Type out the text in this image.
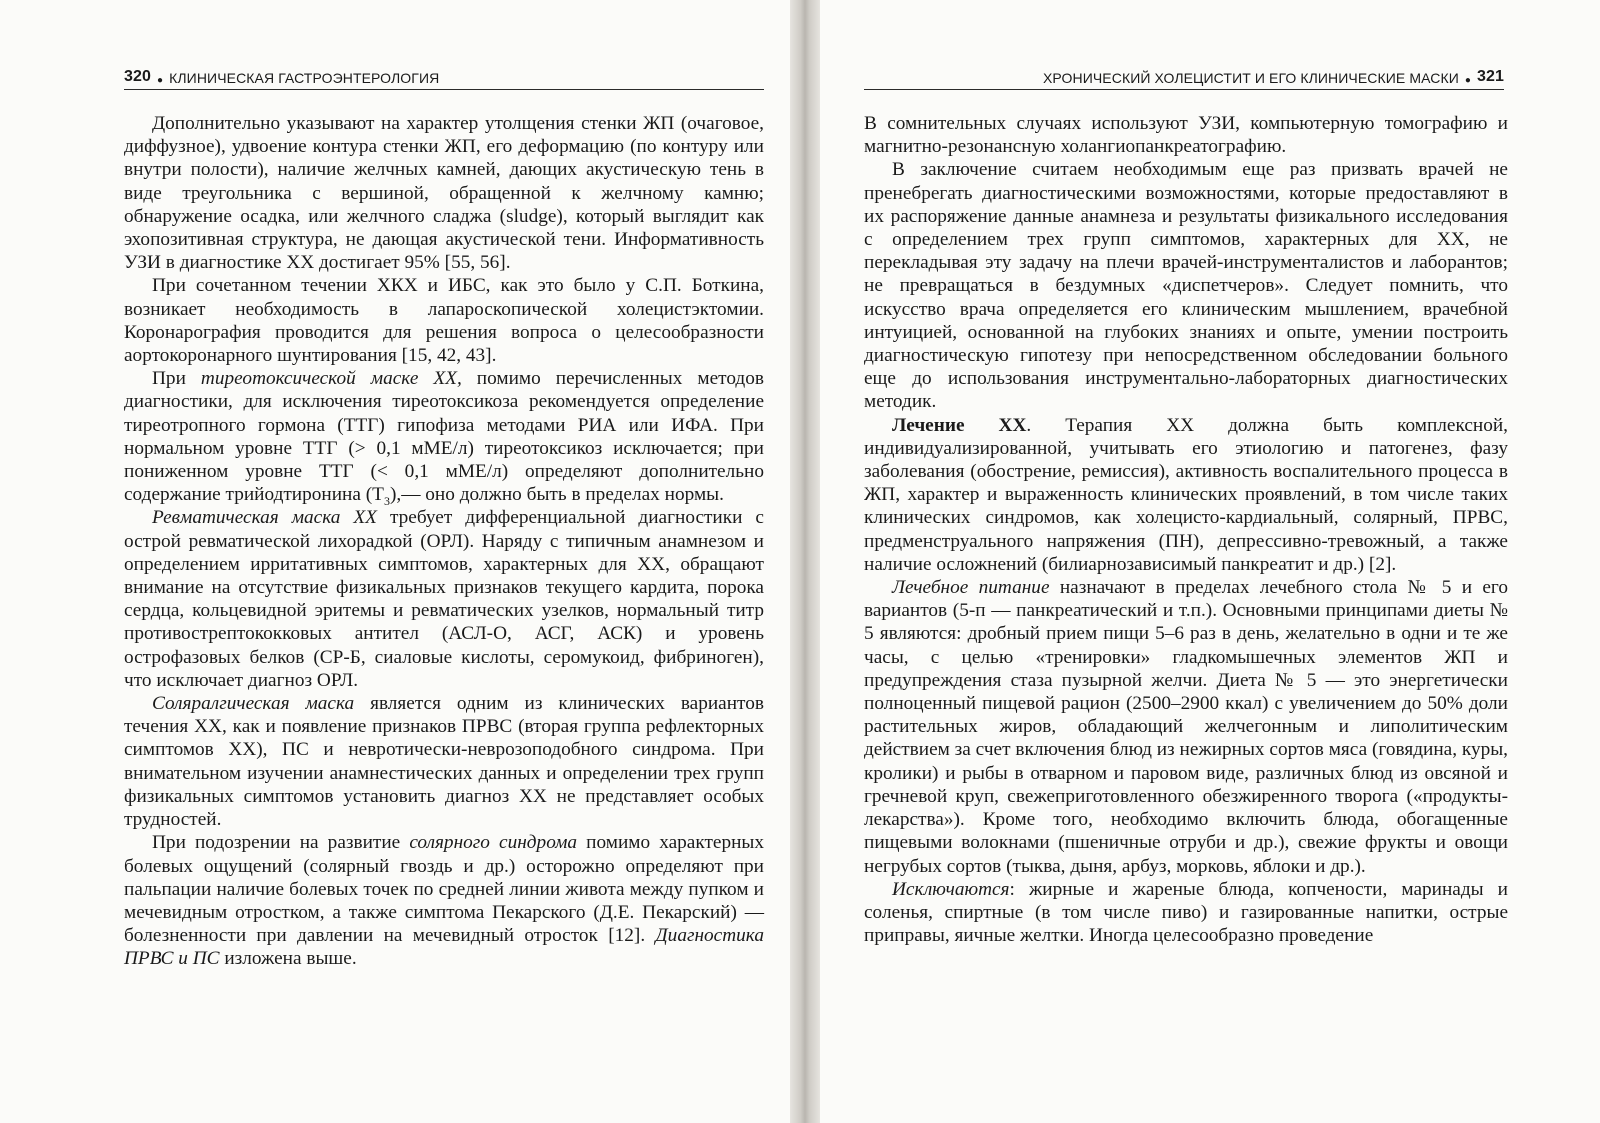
320 ● КЛИНИЧЕСКАЯ ГАСТРОЭНТЕРОЛОГИЯ

Дополнительно указывают на характер утолщения стенки ЖП (очаговое, диффузное), удвоение контура стенки ЖП, его деформацию (по контуру или внутри полости), наличие желчных камней, дающих акустическую тень в виде треугольника с вершиной, обращенной к желчному камню; обнаружение осадка, или желчного сладжа (sludge), который выглядит как эхопозитивная структура, не дающая акустической тени. Информативность УЗИ в диагностике ХХ достигает 95% [55, 56].

При сочетанном течении ХКХ и ИБС, как это было у С.П. Боткина, возникает необходимость в лапароскопической холецистэктомии. Коронарография проводится для решения вопроса о целесообразности аортокоронарного шунтирования [15, 42, 43].

При тиреотоксической маске ХХ, помимо перечисленных методов диагностики, для исключения тиреотоксикоза рекомендуется определение тиреотропного гормона (ТТГ) гипофиза методами РИА или ИФА. При нормальном уровне ТТГ (> 0,1 мМЕ/л) тиреотоксикоз исключается; при пониженном уровне ТТГ (< 0,1 мМЕ/л) определяют дополнительно содержание трийодтиронина $(Т_3),—$ оно должно быть в пределах нормы.

Ревматическая маска ХХ требует дифференциальной диагностики с острой ревматической лихорадкой (ОРЛ). Наряду с типичным анамнезом и определением ирритативных симптомов, характерных для ХХ, обращают внимание на отсутствие физикальных признаков текущего кардита, порока сердца, кольцевидной эритемы и ревматических узелков, нормальный титр противострептококковых антител (АСЛ-О, АСГ, АСК) и уровень острофазовых белков (СР-Б, сиаловые кислоты, серомукоид, фибриноген), что исключает диагноз ОРЛ.

Соляралгическая маска является одним из клинических вариантов течения ХХ, как и появление признаков ПРВС (вторая группа рефлекторных симптомов ХХ), ПС и невротически-неврозоподобного синдрома. При внимательном изучении анамнестических данных и определении трех групп физикальных симптомов установить диагноз ХХ не представляет особых трудностей.

При подозрении на развитие солярного синдрома помимо характерных болевых ощущений (солярный гвоздь и др.) осторожно определяют при пальпации наличие болевых точек по средней линии живота между пупком и мечевидным отростком, а также симптома Пекарского (Д.Е. Пекарский) — болезненности при давлении на мечевидный отросток [12]. Диагностика ПРВС и ПС изложена выше.

ХРОНИЧЕСКИЙ ХОЛЕЦИСТИТ И ЕГО КЛИНИЧЕСКИЕ МАСКИ ● 321

В сомнительных случаях используют УЗИ, компьютерную томографию и магнитно-резонансную холангиопанкреатографию.

В заключение считаем необходимым еще раз призвать врачей не пренебрегать диагностическими возможностями, которые предоставляют в их распоряжение данные анамнеза и результаты физикального исследования с определением трех групп симптомов, характерных для ХХ, не перекладывая эту задачу на плечи врачей-инструменталистов и лаборантов; не превращаться в бездумных «диспетчеров». Следует помнить, что искусство врача определяется его клиническим мышлением, врачебной интуицией, основанной на глубоких знаниях и опыте, умении построить диагностическую гипотезу при непосредственном обследовании больного еще до использования инструментально-лабораторных диагностических методик.

Лечение ХХ. Терапия ХХ должна быть комплексной, индивидуализированной, учитывать его этиологию и патогенез, фазу заболевания (обострение, ремиссия), активность воспалительного процесса в ЖП, характер и выраженность клинических проявлений, в том числе таких клинических синдромов, как холецисто-кардиальный, солярный, ПРВС, предменструального напряжения (ПН), депрессивно-тревожный, а также наличие осложнений (билиарнозависимый панкреатит и др.) [2].

Лечебное питание назначают в пределах лечебного стола № 5 и его вариантов (5-п — панкреатический и т.п.). Основными принципами диеты № 5 являются: дробный прием пищи 5–6 раз в день, желательно в одни и те же часы, с целью «тренировки» гладкомышечных элементов ЖП и предупреждения стаза пузырной желчи. Диета № 5 — это энергетически полноценный пищевой рацион (2500–2900 ккал) с увеличением до 50% доли растительных жиров, обладающий желчегонным и липолитическим действием за счет включения блюд из нежирных сортов мяса (говядина, куры, кролики) и рыбы в отварном и паровом виде, различных блюд из овсяной и гречневой круп, свежеприготовленного обезжиренного творога («продукты-лекарства»). Кроме того, необходимо включить блюда, обогащенные пищевыми волокнами (пшеничные отруби и др.), свежие фрукты и овощи негрубых сортов (тыква, дыня, арбуз, морковь, яблоки и др.).

Исключаются: жирные и жареные блюда, копчености, маринады и соленья, спиртные (в том числе пиво) и газированные напитки, острые приправы, яичные желтки. Иногда целесообразно проведение
